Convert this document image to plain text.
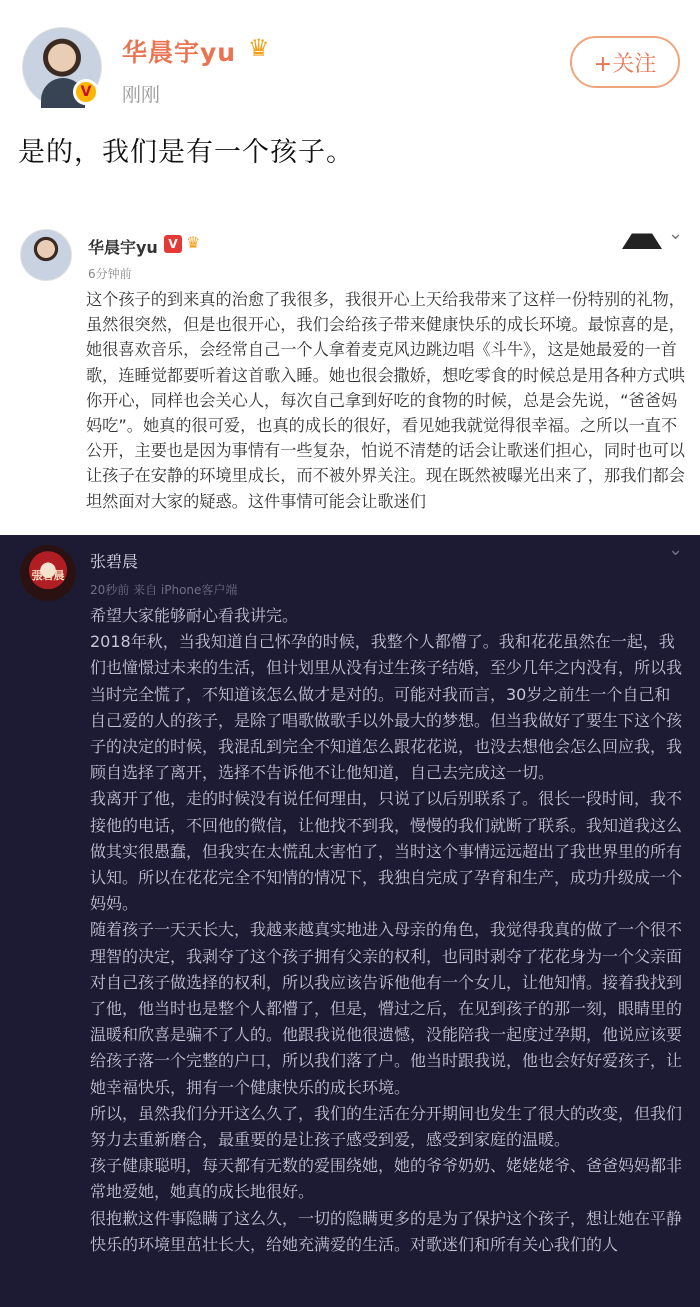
V
华晨宇yu ♛
刚刚
+关注
是的，我们是有一个孩子。
华晨宇yu V ♛
6分钟前
⌄
这个孩子的到来真的治愈了我很多，我很开心上天给我带来了这样一份特别的礼物，虽然很突然，但是也很开心，我们会给孩子带来健康快乐的成长环境。最惊喜的是，她很喜欢音乐，会经常自己一个人拿着麦克风边跳边唱《斗牛》，这是她最爱的一首歌，连睡觉都要听着这首歌入睡。她也很会撒娇，想吃零食的时候总是用各种方式哄你开心，同样也会关心人，每次自己拿到好吃的食物的时候，总是会先说，“爸爸妈妈吃”。她真的很可爱，也真的成长的很好，看见她我就觉得很幸福。之所以一直不公开，主要也是因为事情有一些复杂，怕说不清楚的话会让歌迷们担心，同时也可以让孩子在安静的环境里成长，而不被外界关注。现在既然被曝光出来了，那我们都会坦然面对大家的疑惑。这件事情可能会让歌迷们
張碧晨
张碧晨
20秒前 来自 iPhone客户端
⌄

希望大家能够耐心看我讲完。

2018年秋，当我知道自己怀孕的时候，我整个人都懵了。我和花花虽然在一起，我们也憧憬过未来的生活，但计划里从没有过生孩子结婚，至少几年之内没有，所以我当时完全慌了，不知道该怎么做才是对的。可能对我而言，30岁之前生一个自己和自己爱的人的孩子，是除了唱歌做歌手以外最大的梦想。但当我做好了要生下这个孩子的决定的时候，我混乱到完全不知道怎么跟花花说，也没去想他会怎么回应我，我顾自选择了离开，选择不告诉他不让他知道，自己去完成这一切。

我离开了他，走的时候没有说任何理由，只说了以后别联系了。很长一段时间，我不接他的电话，不回他的微信，让他找不到我，慢慢的我们就断了联系。我知道我这么做其实很愚蠢，但我实在太慌乱太害怕了，当时这个事情远远超出了我世界里的所有认知。所以在花花完全不知情的情况下，我独自完成了孕育和生产，成功升级成一个妈妈。

随着孩子一天天长大，我越来越真实地进入母亲的角色，我觉得我真的做了一个很不理智的决定，我剥夺了这个孩子拥有父亲的权利，也同时剥夺了花花身为一个父亲面对自己孩子做选择的权利，所以我应该告诉他他有一个女儿，让他知情。接着我找到了他，他当时也是整个人都懵了，但是，懵过之后，在见到孩子的那一刻，眼睛里的温暖和欣喜是骗不了人的。他跟我说他很遗憾，没能陪我一起度过孕期，他说应该要给孩子落一个完整的户口，所以我们落了户。他当时跟我说，他也会好好爱孩子，让她幸福快乐，拥有一个健康快乐的成长环境。

所以，虽然我们分开这么久了，我们的生活在分开期间也发生了很大的改变，但我们努力去重新磨合，最重要的是让孩子感受到爱，感受到家庭的温暖。

孩子健康聪明，每天都有无数的爱围绕她，她的爷爷奶奶、姥姥姥爷、爸爸妈妈都非常地爱她，她真的成长地很好。

很抱歉这件事隐瞒了这么久，一切的隐瞒更多的是为了保护这个孩子，想让她在平静快乐的环境里茁壮长大，给她充满爱的生活。对歌迷们和所有关心我们的人
